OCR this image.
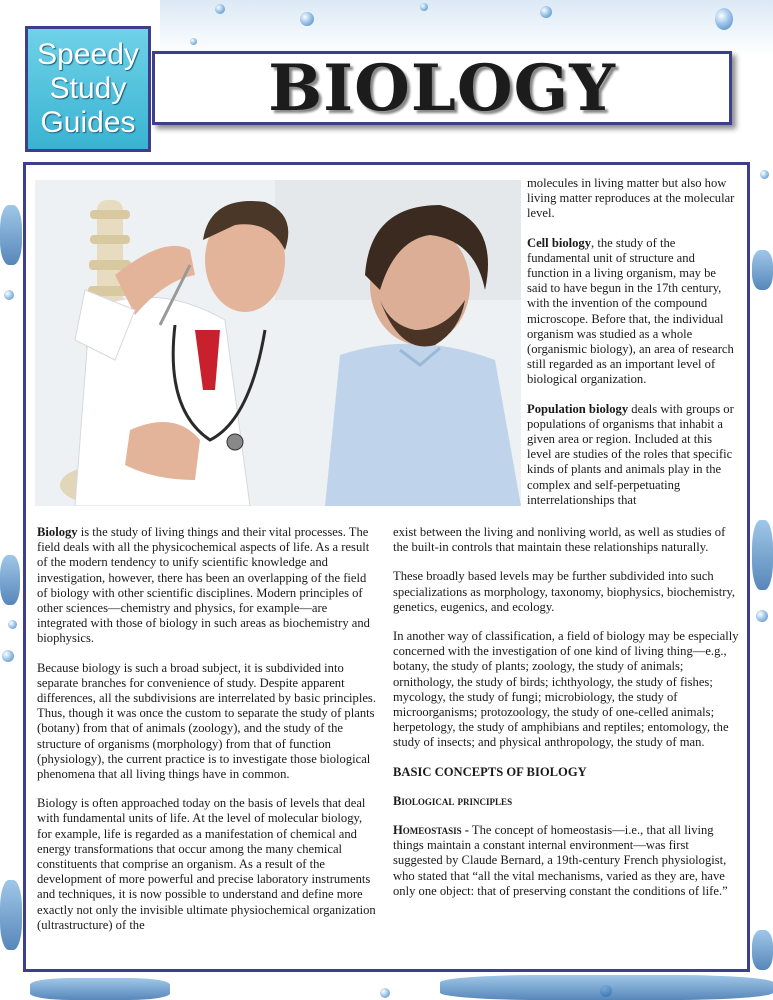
Speedy
Study
Guides BIOLOGY

molecules in living matter but also how living matter reproduces at the molecular level.

Cell biology, the study of the fundamental unit of structure and function in a living organism, may be said to have begun in the 17th century, with the invention of the compound microscope. Before that, the individual organism was studied as a whole (organismic biology), an area of research still regarded as an important level of biological organization.

Population biology deals with groups or populations of organisms that inhabit a given area or region. Included at this level are studies of the roles that specific kinds of plants and animals play in the complex and self-perpetuating interrelationships that

Biology is the study of living things and their vital processes. The field deals with all the physicochemical aspects of life. As a result of the modern tendency to unify scientific knowledge and investigation, however, there has been an overlapping of the field of biology with other scientific disciplines. Modern principles of other sciences—chemistry and physics, for example—are integrated with those of biology in such areas as biochemistry and biophysics.

Because biology is such a broad subject, it is subdivided into separate branches for convenience of study. Despite apparent differences, all the subdivisions are interrelated by basic principles. Thus, though it was once the custom to separate the study of plants (botany) from that of animals (zoology), and the study of the structure of organisms (morphology) from that of function (physiology), the current practice is to investigate those biological phenomena that all living things have in common.

Biology is often approached today on the basis of levels that deal with fundamental units of life. At the level of molecular biology, for example, life is regarded as a manifestation of chemical and energy transformations that occur among the many chemical constituents that comprise an organism. As a result of the development of more powerful and precise laboratory instruments and techniques, it is now possible to understand and define more exactly not only the invisible ultimate physiochemical organization (ultrastructure) of the

exist between the living and nonliving world, as well as studies of the built-in controls that maintain these relationships naturally.

These broadly based levels may be further subdivided into such specializations as morphology, taxonomy, biophysics, biochemistry, genetics, eugenics, and ecology.

In another way of classification, a field of biology may be especially concerned with the investigation of one kind of living thing—e.g., botany, the study of plants; zoology, the study of animals; ornithology, the study of birds; ichthyology, the study of fishes; mycology, the study of fungi; microbiology, the study of microorganisms; protozoology, the study of one-celled animals; herpetology, the study of amphibians and reptiles; entomology, the study of insects; and physical anthropology, the study of man.

BASIC CONCEPTS OF BIOLOGY
Biological principles

Homeostasis - The concept of homeostasis—i.e., that all living things maintain a constant internal environment—was first suggested by Claude Bernard, a 19th-century French physiologist, who stated that “all the vital mechanisms, varied as they are, have only one object: that of preserving constant the conditions of life.”
